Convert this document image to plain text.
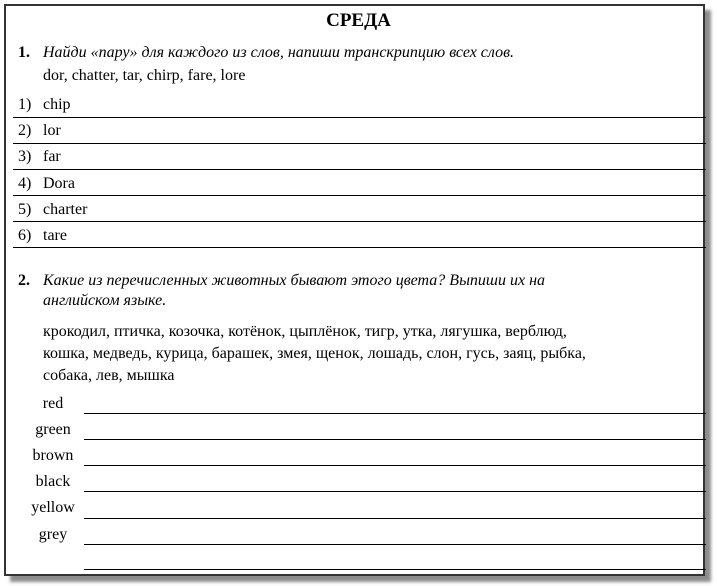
СРЕДА
1. Найди «пару» для каждого из слов, напиши транскрипцию всех слов.
dor, chatter, tar, chirp, fare, lore
1) chip
2) lor
3) far
4) Dora
5) charter
6) tare
2. Какие из перечисленных животных бывают этого цвета? Выпиши их на
английском языке.
крокодил, птичка, козочка, котёнок, цыплёнок, тигр, утка, лягушка, верблюд,
кошка, медведь, курица, барашек, змея, щенок, лошадь, слон, гусь, заяц, рыбка,
собака, лев, мышка
red
green
brown
black
yellow
grey
